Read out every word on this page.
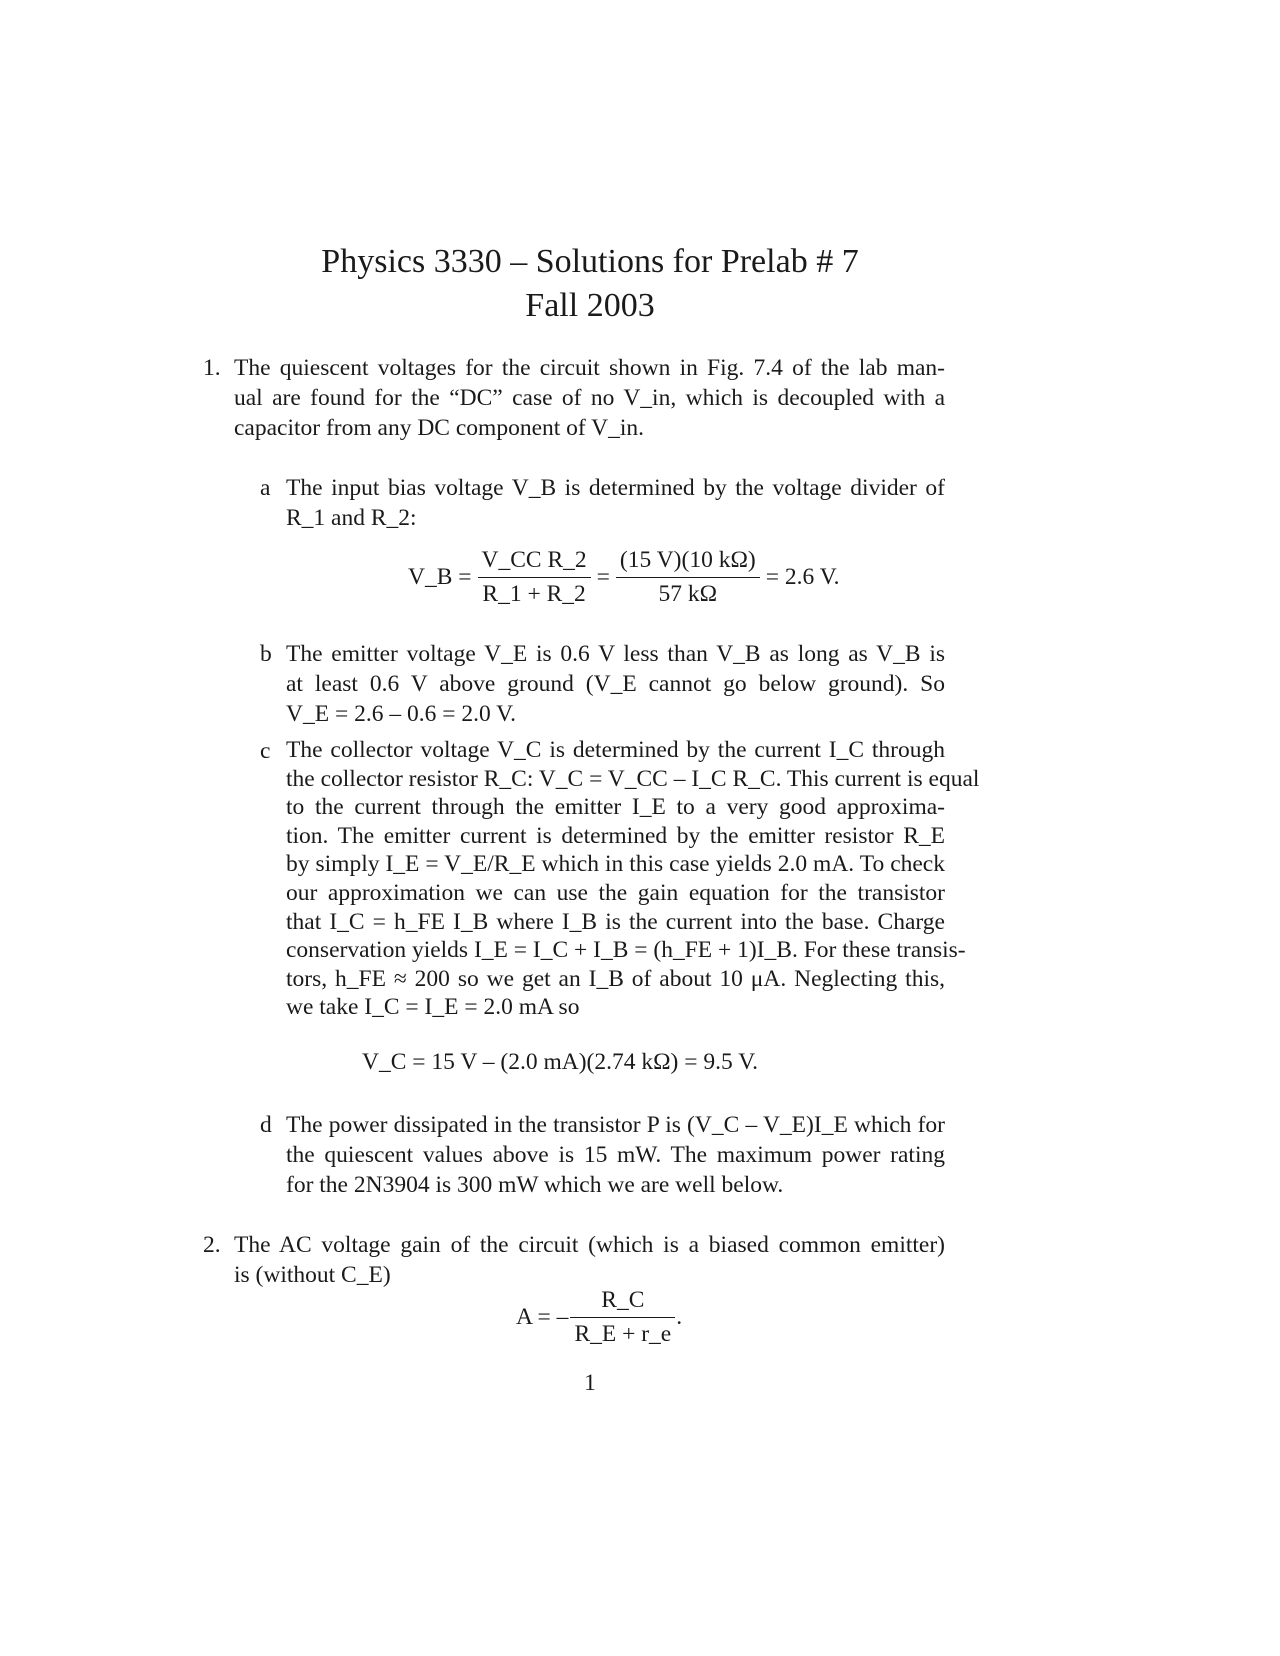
Physics 3330 – Solutions for Prelab # 7
Fall 2003
1. The quiescent voltages for the circuit shown in Fig. 7.4 of the lab man-
ual are found for the “DC” case of no V_in, which is decoupled with a
capacitor from any DC component of V_in.
a The input bias voltage V_B is determined by the voltage divider of
R_1 and R_2:
V_B = $\frac{\text{V\_CC R\_2}}{R\_1 + R\_2} = \frac{(15 V)(10 k\Omega)}{57 k\Omega} = 2.6$ V.
b The emitter voltage V_E is 0.6 V less than V_B as long as V_B is
at least 0.6 V above ground (V_E cannot go below ground). So
V_E = 2.6 – 0.6 = 2.0 V.
c The collector voltage V_C is determined by the current I_C through
the collector resistor R_C: V_C = V_CC – I_C R_C. This current is equal
to the current through the emitter I_E to a very good approxima-
tion. The emitter current is determined by the emitter resistor R_E
by simply I_E = V_E/R_E which in this case yields 2.0 mA. To check
our approximation we can use the gain equation for the transistor
that I_C = h_FE I_B where I_B is the current into the base. Charge
conservation yields I_E = I_C + I_B = (h_FE + 1)I_B. For these transis-
tors, h_FE ≈ 200 so we get an I_B of about 10 μA. Neglecting this,
we take I_C = I_E = 2.0 mA so
V_C = 15 V – (2.0 mA)(2.74 kΩ) = 9.5 V.
d The power dissipated in the transistor P is (V_C – V_E)I_E which for
the quiescent values above is 15 mW. The maximum power rating
for the 2N3904 is 300 mW which we are well below.
2. The AC voltage gain of the circuit (which is a biased common emitter)
is (without C_E)
A = – $\frac{R\_C}{R\_E + r\_e}$ .
1
